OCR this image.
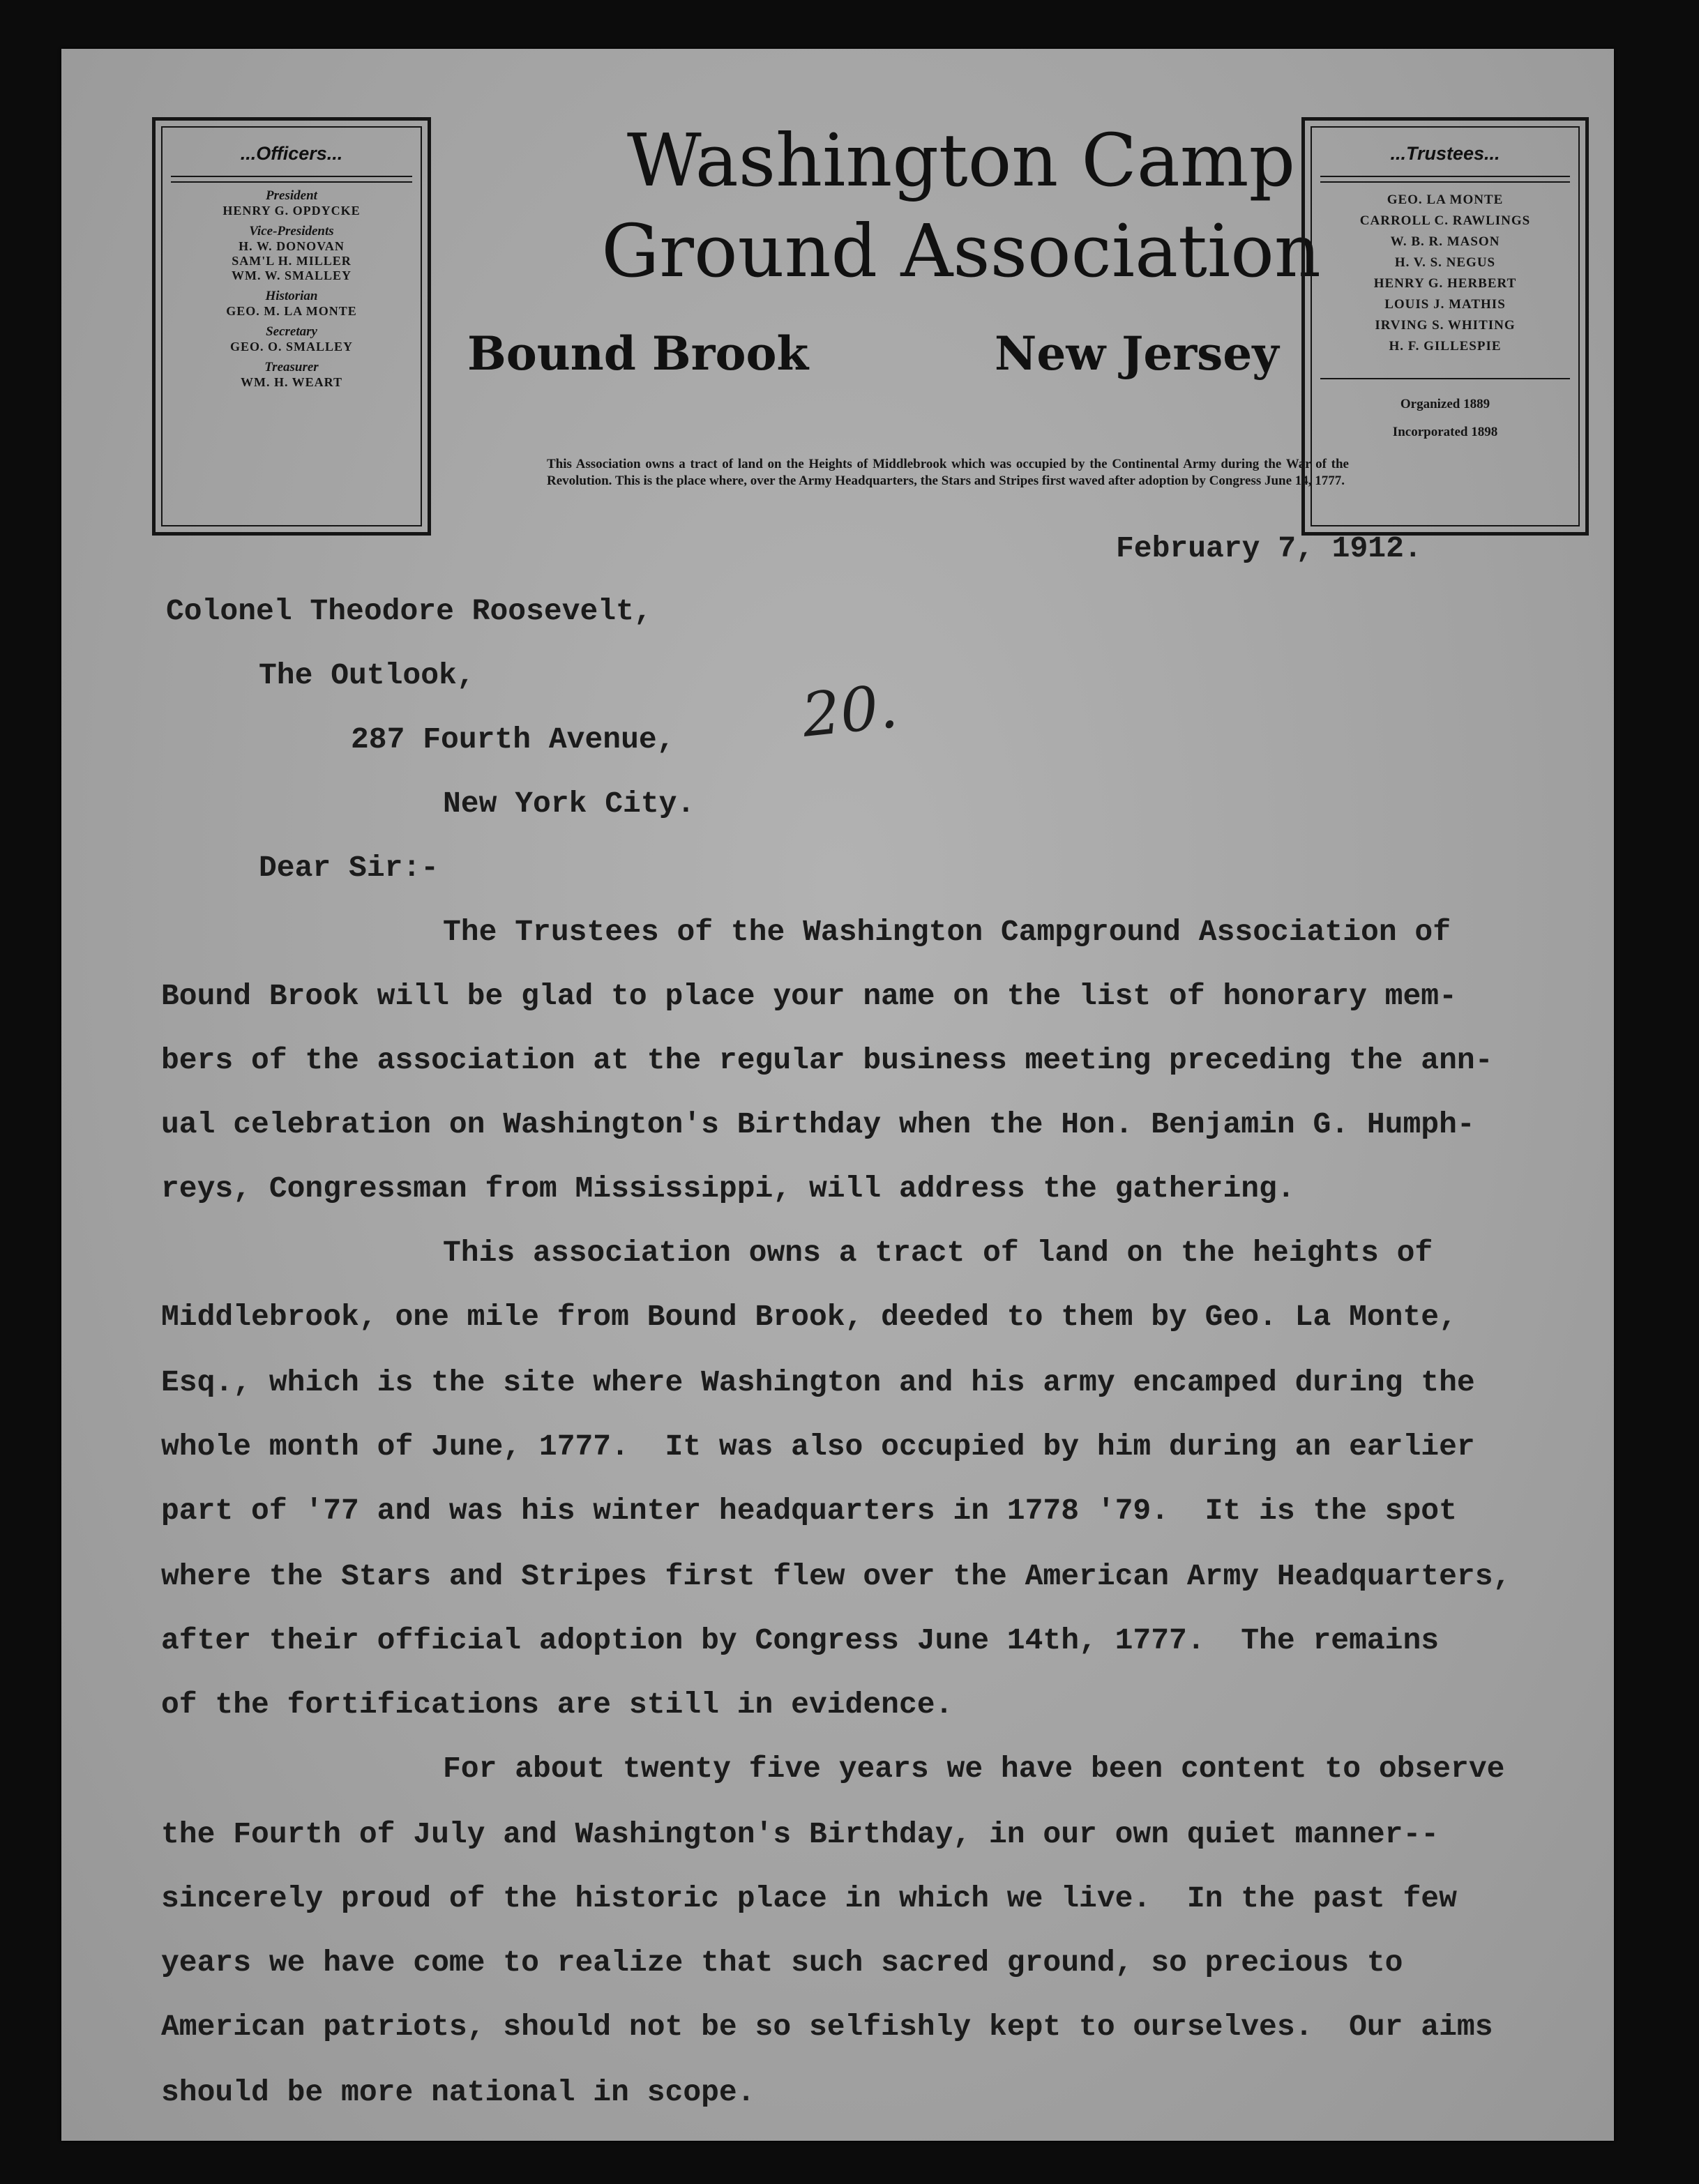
...Officers...
President
HENRY G. OPDYCKE
Vice-Presidents
H. W. DONOVAN
SAM'L H. MILLER
WM. W. SMALLEY
Historian
GEO. M. LA MONTE
Secretary
GEO. O. SMALLEY
Treasurer
WM. H. WEART
Washington Camp
Ground Association
Bound Brook	New Jersey
This Association owns a tract of land on the Heights of Middlebrook which was occupied by the Continental Army during the War of the Revolution. This is the place where, over the Army Headquarters, the Stars and Stripes first waved after adoption by Congress June 14, 1777.
...Trustees...
GEO. LA MONTE
CARROLL C. RAWLINGS
W. B. R. MASON
H. V. S. NEGUS
HENRY G. HERBERT
LOUIS J. MATHIS
IRVING S. WHITING
H. F. GILLESPIE
Organized 1889
Incorporated 1898
February 7, 1912.
Colonel Theodore Roosevelt,
The Outlook,	20.
287 Fourth Avenue,
New York City.
Dear Sir:-
The Trustees of the Washington Campground Association of
Bound Brook will be glad to place your name on the list of honorary mem-
bers of the association at the regular business meeting preceding the ann-
ual celebration on Washington's Birthday when the Hon. Benjamin G. Humph-
reys, Congressman from Mississippi, will address the gathering.
This association owns a tract of land on the heights of
Middlebrook, one mile from Bound Brook, deeded to them by Geo. La Monte,
Esq., which is the site where Washington and his army encamped during the
whole month of June, 1777.  It was also occupied by him during an earlier
part of '77 and was his winter headquarters in 1778 '79.  It is the spot
where the Stars and Stripes first flew over the American Army Headquarters,
after their official adoption by Congress June 14th, 1777.  The remains
of the fortifications are still in evidence.
For about twenty five years we have been content to observe
the Fourth of July and Washington's Birthday, in our own quiet manner--
sincerely proud of the historic place in which we live.  In the past few
years we have come to realize that such sacred ground, so precious to
American patriots, should not be so selfishly kept to ourselves.  Our aims
should be more national in scope.
